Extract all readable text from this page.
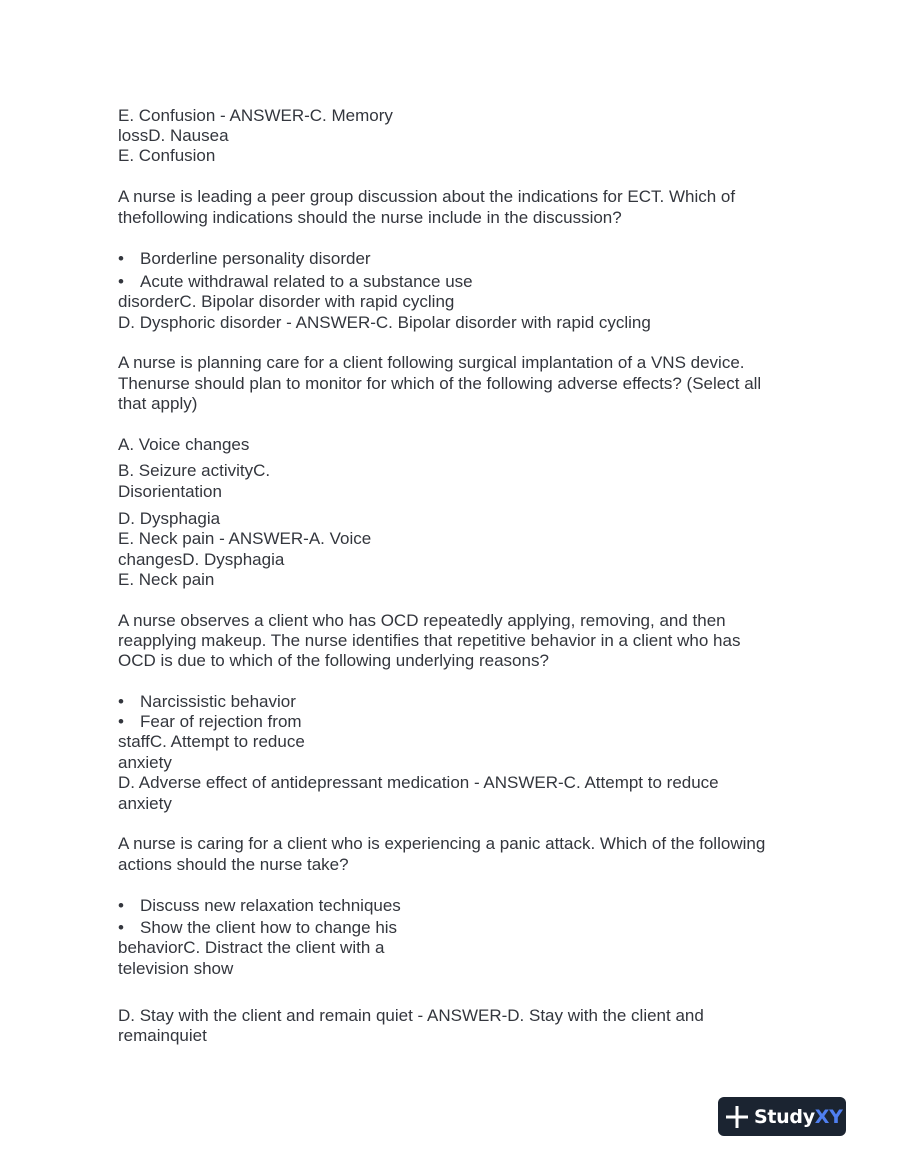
E. Confusion - ANSWER-C. Memory
lossD. Nausea
E. Confusion
A nurse is leading a peer group discussion about the indications for ECT. Which of
thefollowing indications should the nurse include in the discussion?
• Borderline personality disorder
• Acute withdrawal related to a substance use
disorderC. Bipolar disorder with rapid cycling
D. Dysphoric disorder - ANSWER-C. Bipolar disorder with rapid cycling
A nurse is planning care for a client following surgical implantation of a VNS device.
Thenurse should plan to monitor for which of the following adverse effects? (Select all
that apply)
A. Voice changes
B. Seizure activityC.
Disorientation
D. Dysphagia
E. Neck pain - ANSWER-A. Voice
changesD. Dysphagia
E. Neck pain
A nurse observes a client who has OCD repeatedly applying, removing, and then
reapplying makeup. The nurse identifies that repetitive behavior in a client who has
OCD is due to which of the following underlying reasons?
• Narcissistic behavior
• Fear of rejection from
staffC. Attempt to reduce
anxiety
D. Adverse effect of antidepressant medication - ANSWER-C. Attempt to reduce
anxiety
A nurse is caring for a client who is experiencing a panic attack. Which of the following
actions should the nurse take?
• Discuss new relaxation techniques
• Show the client how to change his
behaviorC. Distract the client with a
television show
D. Stay with the client and remain quiet - ANSWER-D. Stay with the client and
remainquiet
StudyXY
